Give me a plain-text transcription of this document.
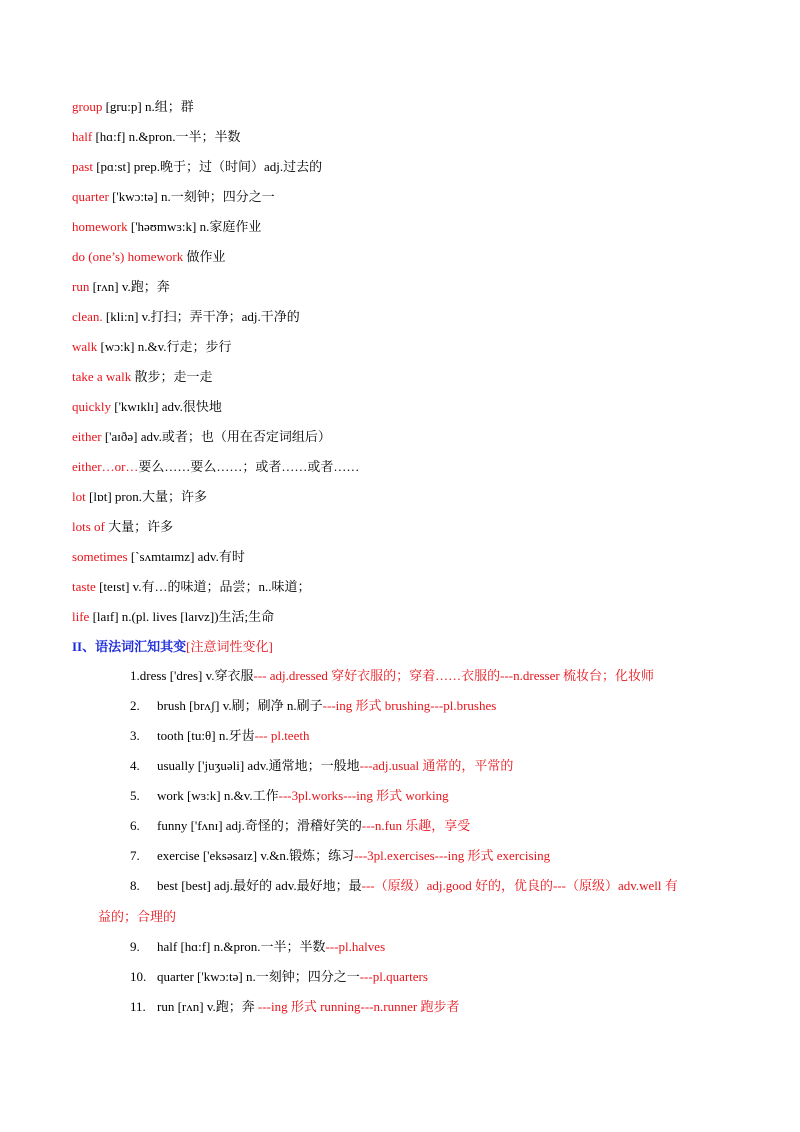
group [gru:p] n.组；群
half [hɑ:f] n.&pron.一半；半数
past [pɑ:st] prep.晚于；过（时间）adj.过去的
quarter ['kwɔ:tə] n.一刻钟；四分之一
homework ['həʊmwɜ:k] n.家庭作业
do (one’s) homework 做作业
run [rʌn] v.跑；奔
clean. [kli:n] v.打扫；弄干净；adj.干净的
walk [wɔ:k] n.&v.行走；步行
take a walk 散步；走一走
quickly ['kwɪklɪ] adv.很快地
either ['aɪðə] adv.或者；也（用在否定词组后）
either…or…要么……要么……；或者……或者……
lot [lɒt] pron.大量；许多
lots of 大量；许多
sometimes [`sʌmtaɪmz] adv.有时
taste [teɪst] v.有…的味道；品尝；n..味道；
life [laɪf] n.(pl. lives [laɪvz])生活;生命
II、语法词汇知其变[注意词性变化]
1.dress ['dres] v.穿衣服--- adj.dressed 穿好衣服的；穿着……衣服的---n.dresser 梳妆台；化妆师
2. brush [brʌʃ] v.刷；刷净 n.刷子---ing 形式 brushing---pl.brushes
3. tooth [tu:θ] n.牙齿--- pl.teeth
4. usually ['juʒuəli] adv.通常地；一般地---adj.usual 通常的，平常的
5. work [wɜ:k] n.&v.工作---3pl.works---ing 形式 working
6. funny ['fʌnɪ] adj.奇怪的；滑稽好笑的---n.fun 乐趣，享受
7. exercise ['eksəsaɪz] v.&n.锻炼；练习---3pl.exercises---ing 形式 exercising
8. best [best] adj.最好的 adv.最好地；最---（原级）adj.good 好的，优良的---（原级）adv.well 有
益的；合理的
9. half [hɑ:f] n.&pron.一半；半数---pl.halves
10. quarter ['kwɔ:tə] n.一刻钟；四分之一---pl.quarters
11. run [rʌn] v.跑；奔 ---ing 形式 running---n.runner 跑步者
